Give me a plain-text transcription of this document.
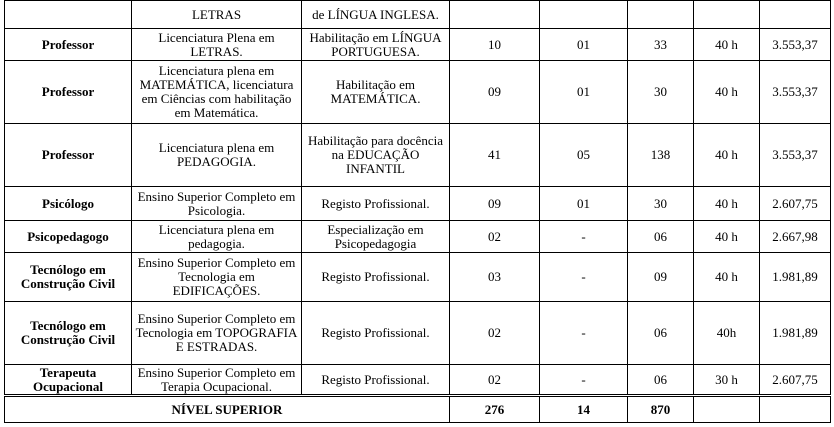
	LETRAS	de LÍNGUA INGLESA.					
Professor	Licenciatura Plena em LETRAS.	Habilitação em LÍNGUA PORTUGUESA.	10	01	33	40 h	3.553,37
Professor	Licenciatura plena em MATEMÁTICA, licenciatura em Ciências com habilitação em Matemática.	Habilitação em MATEMÁTICA.	09	01	30	40 h	3.553,37
Professor	Licenciatura plena em PEDAGOGIA.	Habilitação para docência na EDUCAÇÃO INFANTIL	41	05	138	40 h	3.553,37
Psicólogo	Ensino Superior Completo em Psicologia.	Registo Profissional.	09	01	30	40 h	2.607,75
Psicopedagogo	Licenciatura plena em pedagogia.	Especialização em Psicopedagogia	02	-	06	40 h	2.667,98
Tecnólogo em Construção Civil	Ensino Superior Completo em Tecnologia em EDIFICAÇÕES.	Registo Profissional.	03	-	09	40 h	1.981,89
Tecnólogo em Construção Civil	Ensino Superior Completo em Tecnologia em TOPOGRAFIA E ESTRADAS.	Registo Profissional.	02	-	06	40h	1.981,89
Terapeuta Ocupacional	Ensino Superior Completo em Terapia Ocupacional.	Registo Profissional.	02	-	06	30 h	2.607,75
NÍVEL SUPERIOR			276	14	870		
